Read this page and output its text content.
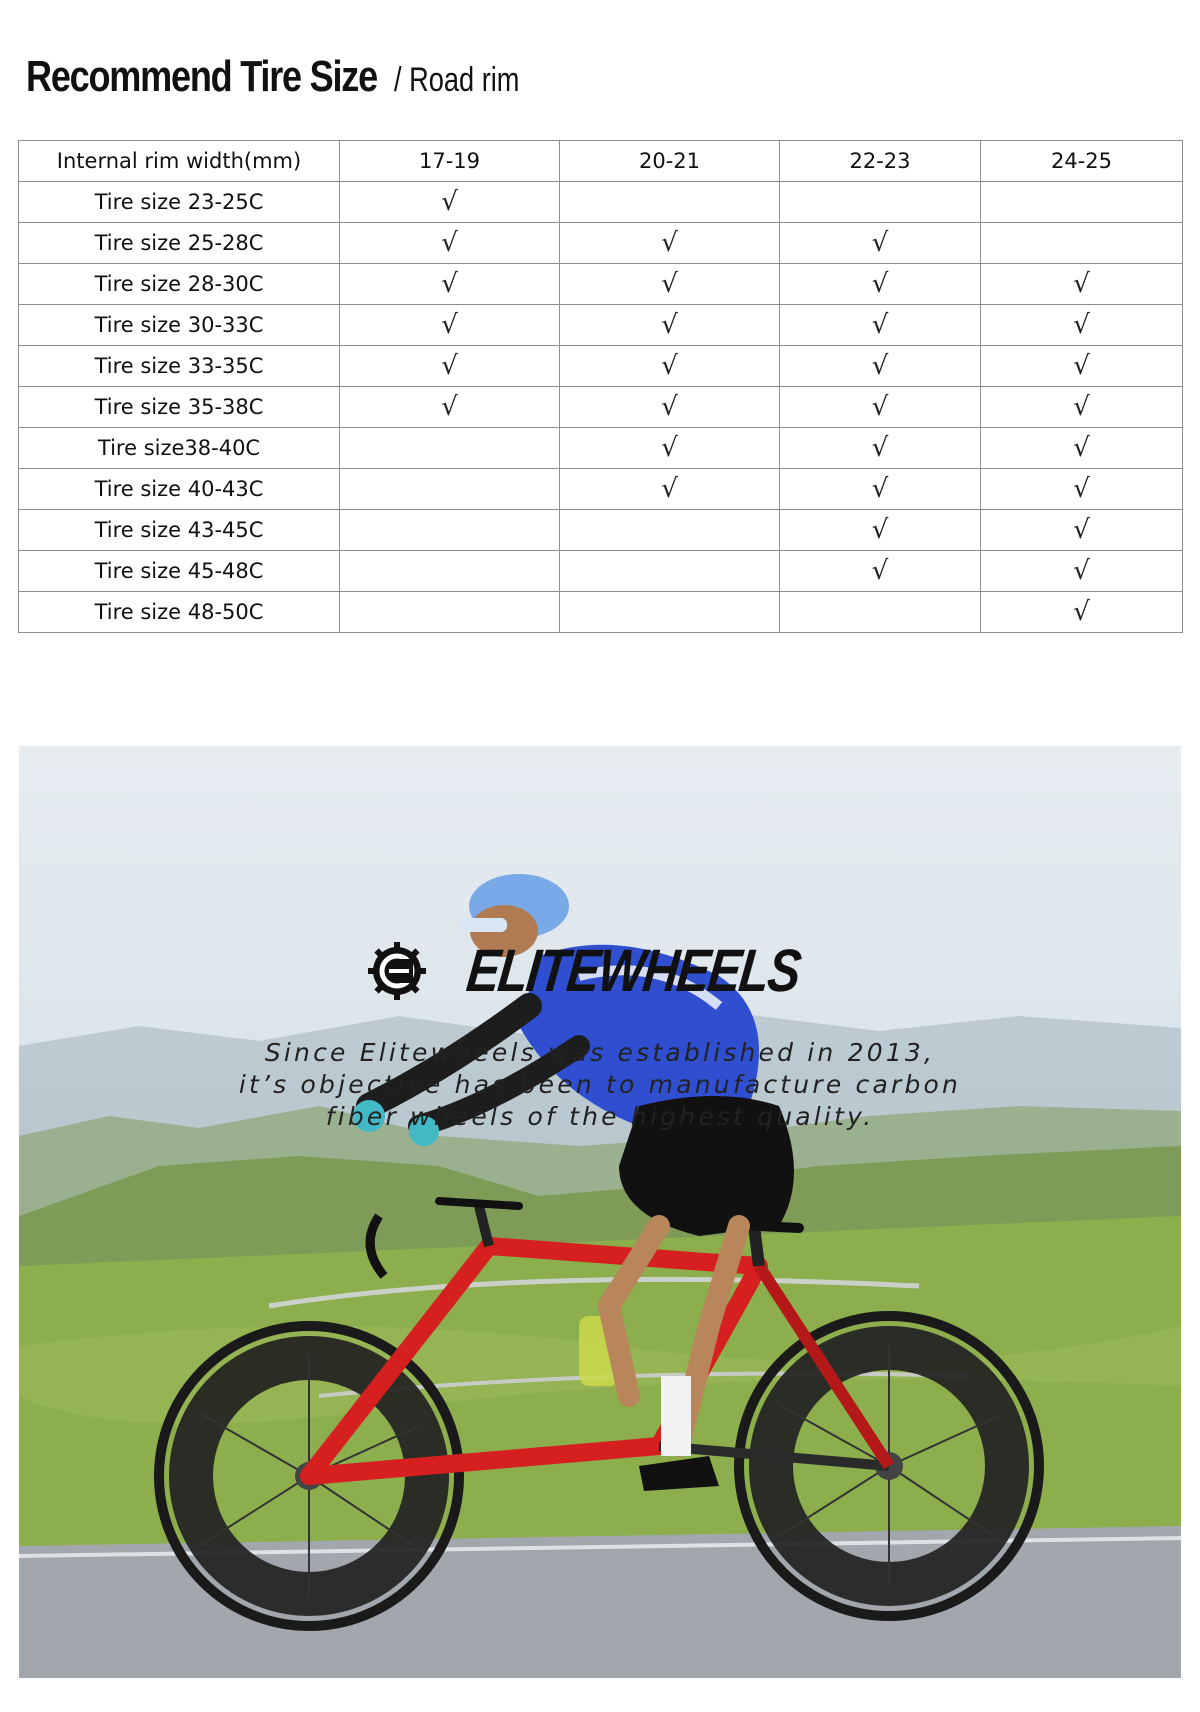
Recommend Tire Size / Road rim
Internal rim width(mm)	17-19	20-21	22-23	24-25
Tire size 23-25C	√			
Tire size 25-28C	√	√	√	
Tire size 28-30C	√	√	√	√
Tire size 30-33C	√	√	√	√
Tire size 33-35C	√	√	√	√
Tire size 35-38C	√	√	√	√
Tire size38-40C		√	√	√
Tire size 40-43C		√	√	√
Tire size 43-45C			√	√
Tire size 45-48C			√	√
Tire size 48-50C				√
ELITEWHEELS
Since Elitewheels was established in 2013,
it’s objective has been to manufacture carbon
fiber wheels of the highest quality.
